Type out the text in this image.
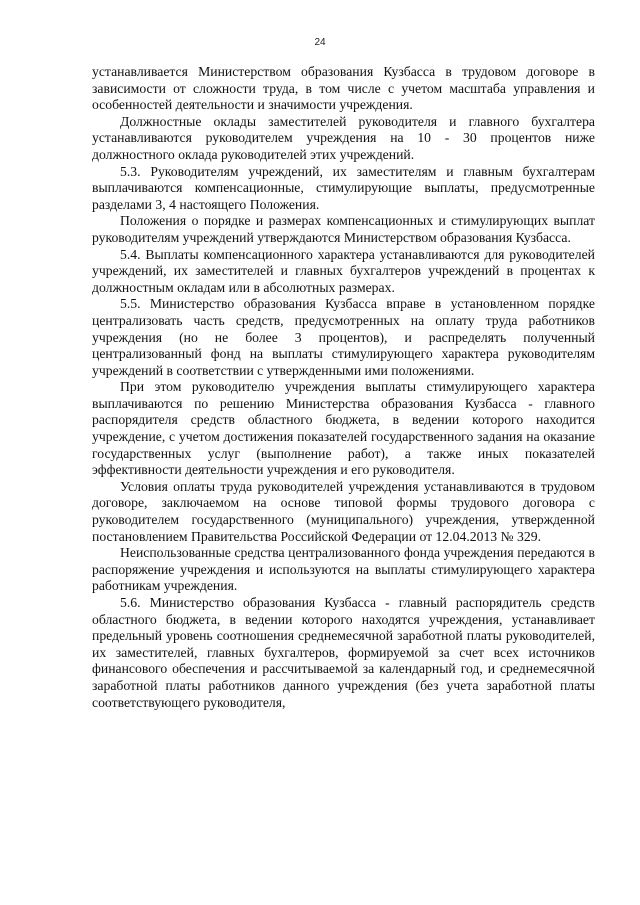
24

устанавливается Министерством образования Кузбасса в трудовом договоре в зависимости от сложности труда, в том числе с учетом масштаба управления и особенностей деятельности и значимости учреждения.

Должностные оклады заместителей руководителя и главного бухгалтера устанавливаются руководителем учреждения на 10 - 30 процентов ниже должностного оклада руководителей этих учреждений.

5.3. Руководителям учреждений, их заместителям и главным бухгалтерам выплачиваются компенсационные, стимулирующие выплаты, предусмотренные разделами 3, 4 настоящего Положения.

Положения о порядке и размерах компенсационных и стимулирующих выплат руководителям учреждений утверждаются Министерством образования Кузбасса.

5.4. Выплаты компенсационного характера устанавливаются для руководителей учреждений, их заместителей и главных бухгалтеров учреждений в процентах к должностным окладам или в абсолютных размерах.

5.5. Министерство образования Кузбасса вправе в установленном порядке централизовать часть средств, предусмотренных на оплату труда работников учреждения (но не более 3 процентов), и распределять полученный централизованный фонд на выплаты стимулирующего характера руководителям учреждений в соответствии с утвержденными ими положениями.

При этом руководителю учреждения выплаты стимулирующего характера выплачиваются по решению Министерства образования Кузбасса - главного распорядителя средств областного бюджета, в ведении которого находится учреждение, с учетом достижения показателей государственного задания на оказание государственных услуг (выполнение работ), а также иных показателей эффективности деятельности учреждения и его руководителя.

Условия оплаты труда руководителей учреждения устанавливаются в трудовом договоре, заключаемом на основе типовой формы трудового договора с руководителем государственного (муниципального) учреждения, утвержденной постановлением Правительства Российской Федерации от 12.04.2013 № 329.

Неиспользованные средства централизованного фонда учреждения передаются в распоряжение учреждения и используются на выплаты стимулирующего характера работникам учреждения.

5.6. Министерство образования Кузбасса - главный распорядитель средств областного бюджета, в ведении которого находятся учреждения, устанавливает предельный уровень соотношения среднемесячной заработной платы руководителей, их заместителей, главных бухгалтеров, формируемой за счет всех источников финансового обеспечения и рассчитываемой за календарный год, и среднемесячной заработной платы работников данного учреждения (без учета заработной платы соответствующего руководителя,
